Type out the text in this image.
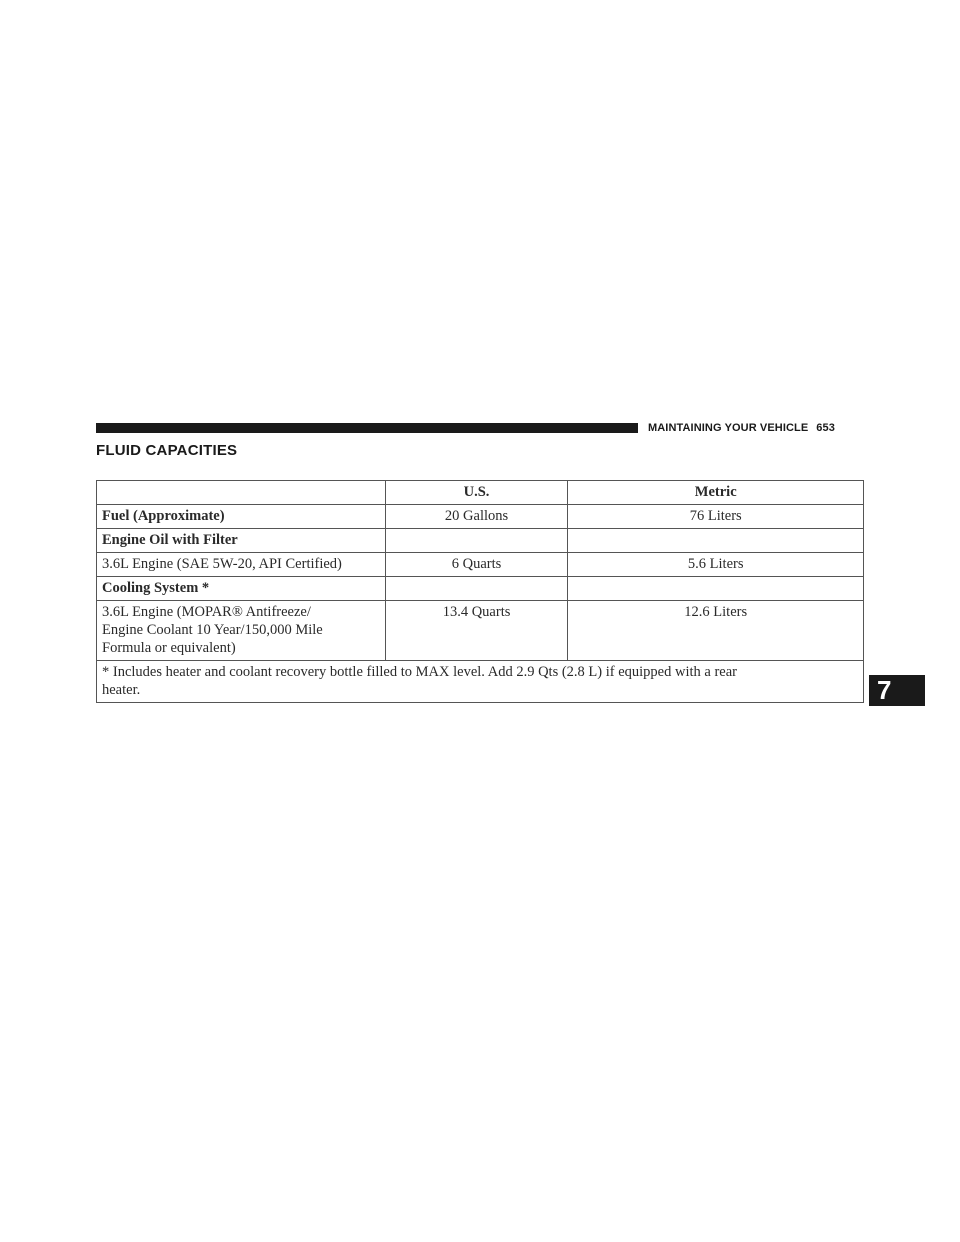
MAINTAINING YOUR VEHICLE 653
FLUID CAPACITIES
	U.S.	Metric
Fuel (Approximate)	20 Gallons	76 Liters
Engine Oil with Filter		
3.6L Engine (SAE 5W-20, API Certified)	6 Quarts	5.6 Liters
Cooling System *		
3.6L Engine (MOPAR® Antifreeze/
Engine Coolant 10 Year/150,000 Mile
Formula or equivalent)	13.4 Quarts	12.6 Liters
* Includes heater and coolant recovery bottle filled to MAX level. Add 2.9 Qts (2.8 L) if equipped with a rear
heater.			7
